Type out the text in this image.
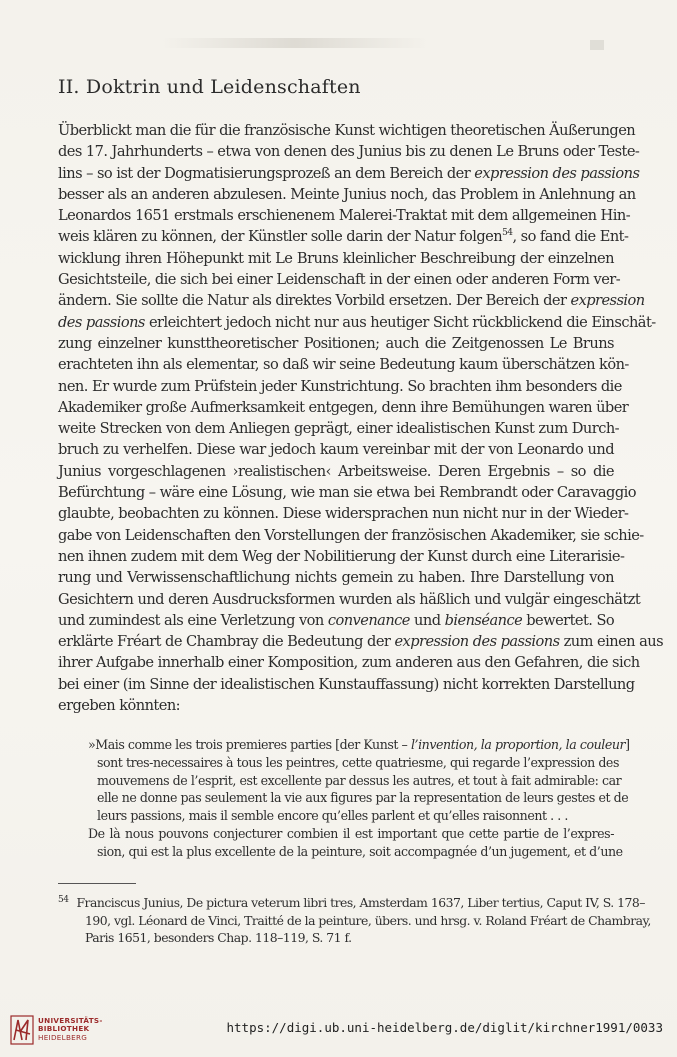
II. Doktrin und Leidenschaften
Überblickt man die für die französische Kunst wichtigen theoretischen Äußerungen
des 17. Jahrhunderts – etwa von denen des Junius bis zu denen Le Bruns oder Teste-
lins – so ist der Dogmatisierungsprozeß an dem Bereich der expression des passions
besser als an anderen abzulesen. Meinte Junius noch, das Problem in Anlehnung an
Leonardos 1651 erstmals erschienenem Malerei-Traktat mit dem allgemeinen Hin-
weis klären zu können, der Künstler solle darin der Natur folgen$^{54}$, so fand die Ent-
wicklung ihren Höhepunkt mit Le Bruns kleinlicher Beschreibung der einzelnen
Gesichtsteile, die sich bei einer Leidenschaft in der einen oder anderen Form ver-
ändern. Sie sollte die Natur als direktes Vorbild ersetzen. Der Bereich der expression
des passions erleichtert jedoch nicht nur aus heutiger Sicht rückblickend die Einschät-
zung einzelner kunsttheoretischer Positionen; auch die Zeitgenossen Le Bruns
erachteten ihn als elementar, so daß wir seine Bedeutung kaum überschätzen kön-
nen. Er wurde zum Prüfstein jeder Kunstrichtung. So brachten ihm besonders die
Akademiker große Aufmerksamkeit entgegen, denn ihre Bemühungen waren über
weite Strecken von dem Anliegen geprägt, einer idealistischen Kunst zum Durch-
bruch zu verhelfen. Diese war jedoch kaum vereinbar mit der von Leonardo und
Junius vorgeschlagenen ›realistischen‹ Arbeitsweise. Deren Ergebnis – so die
Befürchtung – wäre eine Lösung, wie man sie etwa bei Rembrandt oder Caravaggio
glaubte, beobachten zu können. Diese widersprachen nun nicht nur in der Wieder-
gabe von Leidenschaften den Vorstellungen der französischen Akademiker, sie schie-
nen ihnen zudem mit dem Weg der Nobilitierung der Kunst durch eine Literarisie-
rung und Verwissenschaftlichung nichts gemein zu haben. Ihre Darstellung von
Gesichtern und deren Ausdrucksformen wurden als häßlich und vulgär eingeschätzt
und zumindest als eine Verletzung von convenance und bienséance bewertet. So
erklärte Fréart de Chambray die Bedeutung der expression des passions zum einen aus
ihrer Aufgabe innerhalb einer Komposition, zum anderen aus den Gefahren, die sich
bei einer (im Sinne der idealistischen Kunstauffassung) nicht korrekten Darstellung
ergeben könnten:
»Mais comme les trois premieres parties [der Kunst – l’invention, la proportion, la couleur]
sont tres-necessaires à tous les peintres, cette quatriesme, qui regarde l’expression des
mouvemens de l’esprit, est excellente par dessus les autres, et tout à fait admirable: car
elle ne donne pas seulement la vie aux figures par la representation de leurs gestes et de
leurs passions, mais il semble encore qu’elles parlent et qu’elles raisonnent . . .
De là nous pouvons conjecturer combien il est important que cette partie de l’expres-
sion, qui est la plus excellente de la peinture, soit accompagnée d’un jugement, et d’une
$^{54}$ Franciscus Junius, De pictura veterum libri tres, Amsterdam 1637, Liber tertius, Caput IV, S. 178–
190, vgl. Léonard de Vinci, Traitté de la peinture, übers. und hrsg. v. Roland Fréart de Chambray,
Paris 1651, besonders Chap. 118–119, S. 71 f.
UNIVERSITÄTS-
BIBLIOTHEK
HEIDELBERG
https://digi.ub.uni-heidelberg.de/diglit/kirchner1991/0033
